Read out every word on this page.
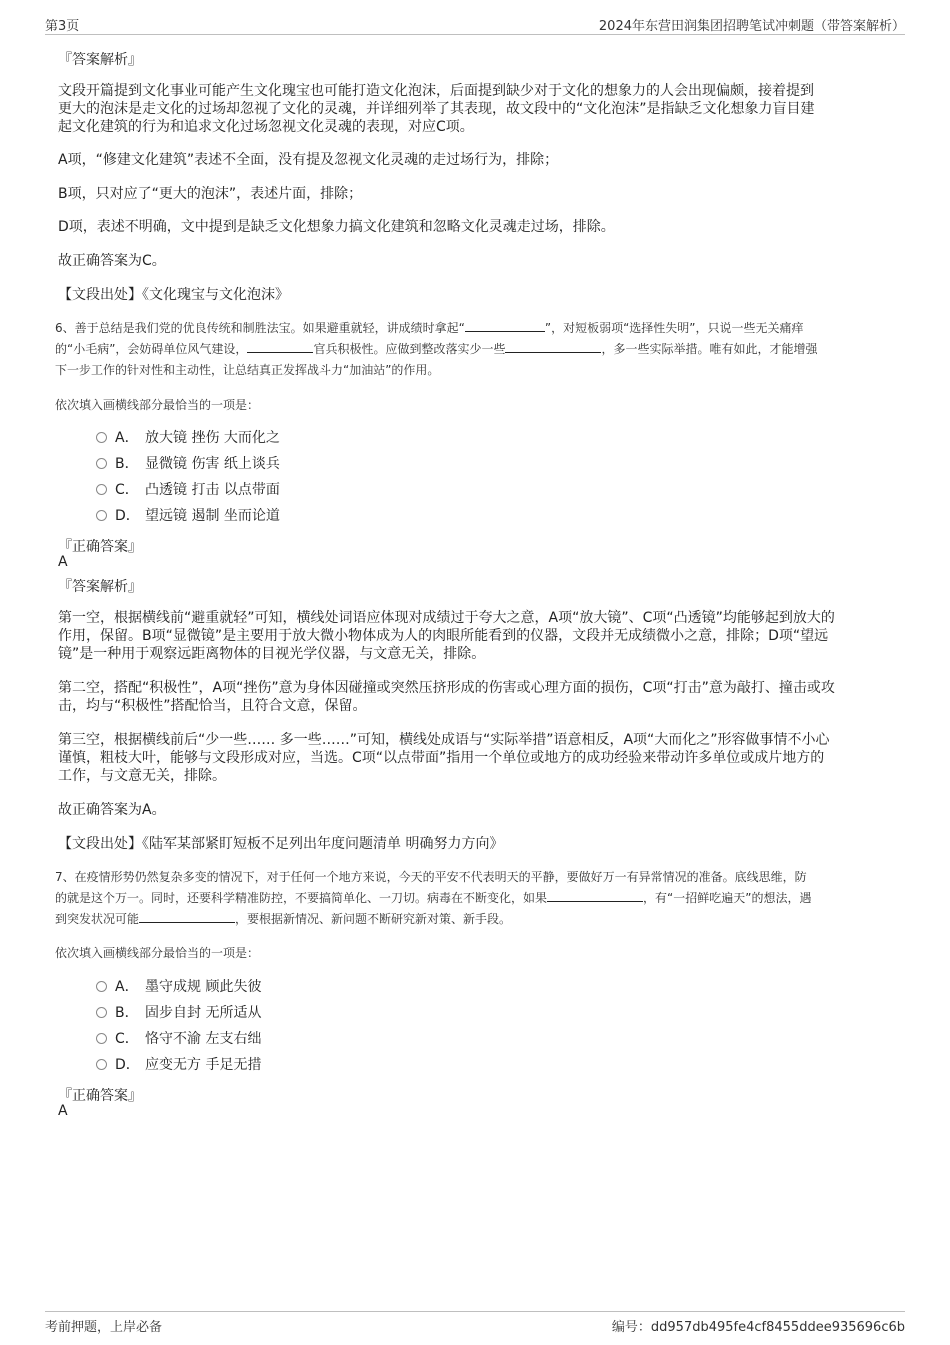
第3页	2024年东营田润集团招聘笔试冲刺题（带答案解析）
『答案解析』
文段开篇提到文化事业可能产生文化瑰宝也可能打造文化泡沫，后面提到缺少对于文化的想象力的人会出现偏颇，接着提到
更大的泡沫是走文化的过场却忽视了文化的灵魂，并详细列举了其表现，故文段中的“文化泡沫”是指缺乏文化想象力盲目建
起文化建筑的行为和追求文化过场忽视文化灵魂的表现，对应C项。
A项，“修建文化建筑”表述不全面，没有提及忽视文化灵魂的走过场行为，排除；
B项，只对应了“更大的泡沫”，表述片面，排除；
D项，表述不明确，文中提到是缺乏文化想象力搞文化建筑和忽略文化灵魂走过场，排除。
故正确答案为C。
【文段出处】《文化瑰宝与文化泡沫》
6、善于总结是我们党的优良传统和制胜法宝。如果避重就轻，讲成绩时拿起“	”，对短板弱项“选择性失明”，只说一些无关痛痒
的“小毛病”，会妨碍单位风气建设，	官兵积极性。应做到整改落实少一些	，多一些实际举措。唯有如此，才能增强
下一步工作的针对性和主动性，让总结真正发挥战斗力“加油站”的作用。
依次填入画横线部分最恰当的一项是：
A． 放大镜 挫伤 大而化之
B． 显微镜 伤害 纸上谈兵
C． 凸透镜 打击 以点带面
D． 望远镜 遏制 坐而论道
『正确答案』
A
『答案解析』
第一空，根据横线前“避重就轻”可知，横线处词语应体现对成绩过于夸大之意，A项“放大镜”、C项“凸透镜”均能够起到放大的
作用，保留。B项“显微镜”是主要用于放大微小物体成为人的肉眼所能看到的仪器，文段并无成绩微小之意，排除；D项“望远
镜”是一种用于观察远距离物体的目视光学仪器，与文意无关，排除。
第二空，搭配“积极性”，A项“挫伤”意为身体因碰撞或突然压挤形成的伤害或心理方面的损伤，C项“打击”意为敲打、撞击或攻
击，均与“积极性”搭配恰当，且符合文意，保留。
第三空，根据横线前后“少一些…… 多一些……”可知，横线处成语与“实际举措”语意相反，A项“大而化之”形容做事情不小心
谨慎，粗枝大叶，能够与文段形成对应，当选。C项“以点带面”指用一个单位或地方的成功经验来带动许多单位或成片地方的
工作，与文意无关，排除。
故正确答案为A。
【文段出处】《陆军某部紧盯短板不足列出年度问题清单 明确努力方向》
7、在疫情形势仍然复杂多变的情况下，对于任何一个地方来说，今天的平安不代表明天的平静，要做好万一有异常情况的准备。底线思维，防
的就是这个万一。同时，还要科学精准防控，不要搞简单化、一刀切。病毒在不断变化，如果	，有“一招鲜吃遍天”的想法，遇
到突发状况可能	，要根据新情况、新问题不断研究新对策、新手段。
依次填入画横线部分最恰当的一项是：
A． 墨守成规 顾此失彼
B． 固步自封 无所适从
C． 恪守不渝 左支右绌
D． 应变无方 手足无措
『正确答案』
A
考前押题，上岸必备	编号：dd957db495fe4cf8455ddee935696c6b
